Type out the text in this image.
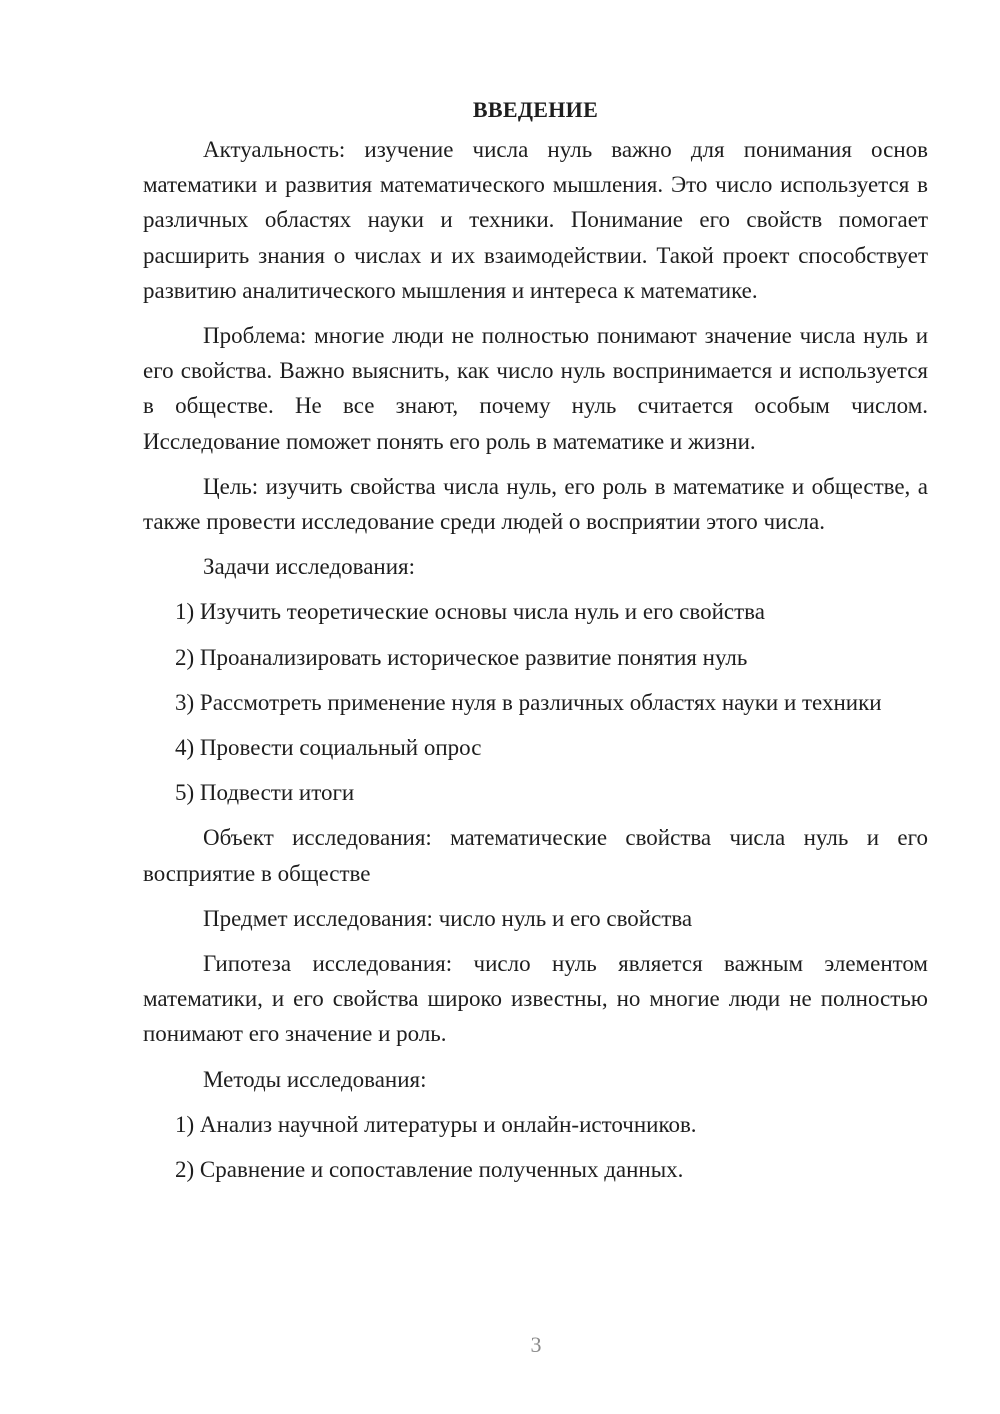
ВВЕДЕНИЕ

Актуальность: изучение числа нуль важно для понимания основ математики и развития математического мышления. Это число используется в различных областях науки и техники. Понимание его свойств помогает расширить знания о числах и их взаимодействии. Такой проект способствует развитию аналитического мышления и интереса к математике.

Проблема: многие люди не полностью понимают значение числа нуль и его свойства. Важно выяснить, как число нуль воспринимается и используется в обществе. Не все знают, почему нуль считается особым числом. Исследование поможет понять его роль в математике и жизни.

Цель: изучить свойства числа нуль, его роль в математике и обществе, а также провести исследование среди людей о восприятии этого числа.

Задачи исследования:

1) Изучить теоретические основы числа нуль и его свойства

2) Проанализировать историческое развитие понятия нуль

3) Рассмотреть применение нуля в различных областях науки и техники

4) Провести социальный опрос

5) Подвести итоги

Объект исследования: математические свойства числа нуль и его восприятие в обществе

Предмет исследования: число нуль и его свойства

Гипотеза исследования: число нуль является важным элементом математики, и его свойства широко известны, но многие люди не полностью понимают его значение и роль.

Методы исследования:

1) Анализ научной литературы и онлайн-источников.

2) Сравнение и сопоставление полученных данных.

3
